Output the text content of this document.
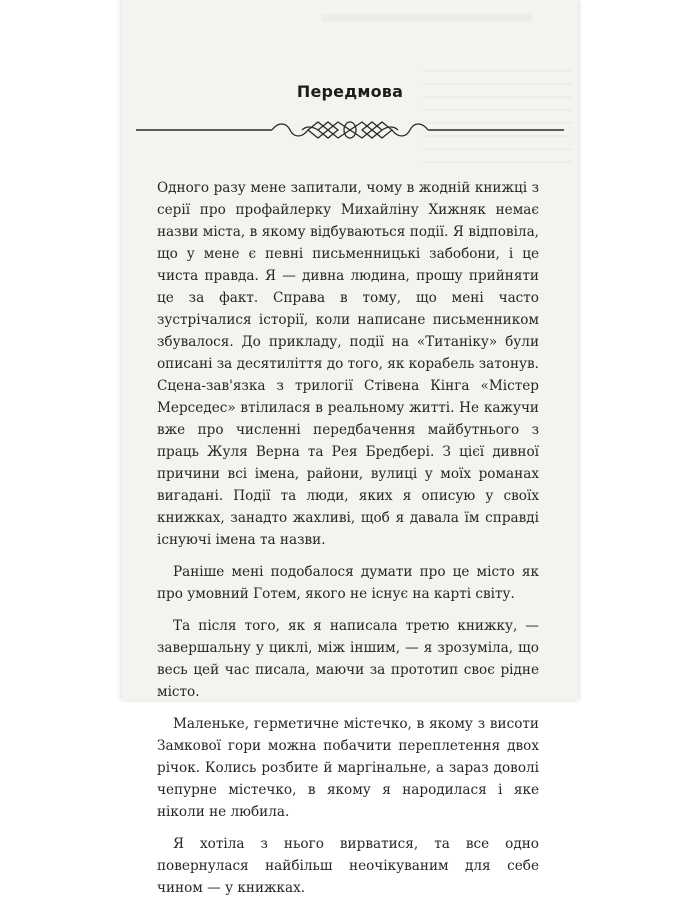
Передмова

Одного разу мене запитали, чому в жодній книжці з серії про профайлерку Михайліну Хижняк немає назви міста, в якому відбуваються події. Я відповіла, що у мене є певні письменницькі забобони, і це чиста правда. Я — дивна людина, прошу прийняти це за факт. Справа в тому, що мені часто зустрічалися історії, коли написане письменником збувалося. До прикладу, події на «Титаніку» були описані за десятиліття до того, як корабель затонув. Сцена-зав'язка з трилогії Стівена Кінга «Містер Мерседес» втілилася в реальному житті. Не кажучи вже про численні передбачення майбутнього з праць Жуля Верна та Рея Бредбері. З цієї дивної причини всі імена, райони, вулиці у моїх романах вигадані. Події та люди, яких я описую у своїх книжках, занадто жахливі, щоб я давала їм справді існуючі імена та назви.

Раніше мені подобалося думати про це місто як про умовний Готем, якого не існує на карті світу.

Та після того, як я написала третю книжку, — завершальну у циклі, між іншим, — я зрозуміла, що весь цей час писала, маючи за прототип своє рідне місто.

Маленьке, герметичне містечко, в якому з висоти Замкової гори можна побачити переплетення двох річок. Колись розбите й маргінальне, а зараз доволі чепурне містечко, в якому я народилася і яке ніколи не любила.

Я хотіла з нього вирватися, та все одно повернулася найбільш неочікуваним для себе чином — у книжках.
